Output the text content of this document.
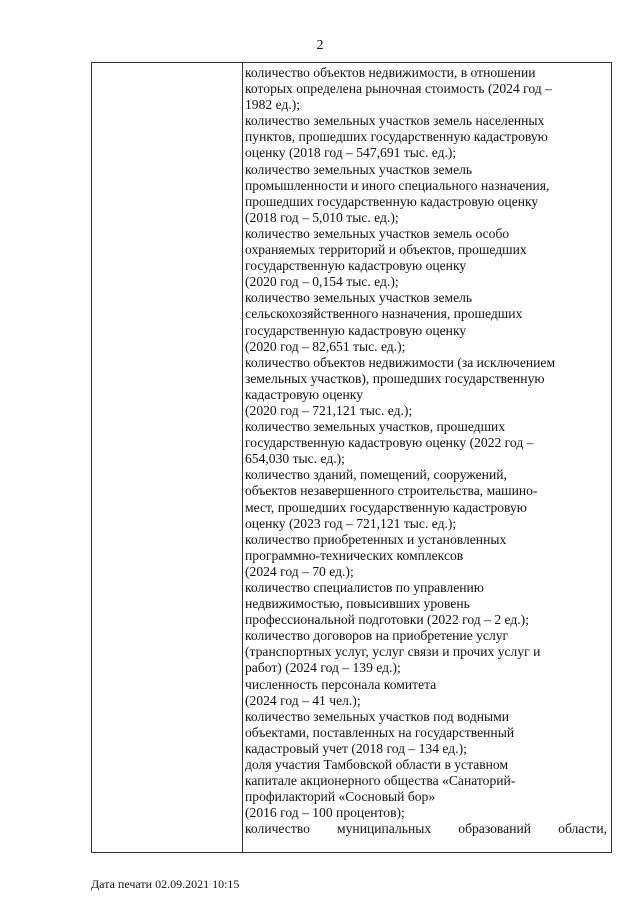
2
количество объектов недвижимости, в отношении
которых определена рыночная стоимость (2024 год –
1982 ед.);
количество земельных участков земель населенных
пунктов, прошедших государственную кадастровую
оценку (2018 год – 547,691 тыс. ед.);
количество земельных участков земель
промышленности и иного специального назначения,
прошедших государственную кадастровую оценку
(2018 год – 5,010 тыс. ед.);
количество земельных участков земель особо
охраняемых территорий и объектов, прошедших
государственную кадастровую оценку
(2020 год – 0,154 тыс. ед.);
количество земельных участков земель
сельскохозяйственного назначения, прошедших
государственную кадастровую оценку
(2020 год – 82,651 тыс. ед.);
количество объектов недвижимости (за исключением
земельных участков), прошедших государственную
кадастровую оценку
(2020 год – 721,121 тыс. ед.);
количество земельных участков, прошедших
государственную кадастровую оценку (2022 год –
654,030 тыс. ед.);
количество зданий, помещений, сооружений,
объектов незавершенного строительства, машино-
мест, прошедших государственную кадастровую
оценку (2023 год – 721,121 тыс. ед.);
количество приобретенных и установленных
программно-технических комплексов
(2024 год – 70 ед.);
количество специалистов по управлению
недвижимостью, повысивших уровень
профессиональной подготовки (2022 год – 2 ед.);
количество договоров на приобретение услуг
(транспортных услуг, услуг связи и прочих услуг и
работ) (2024 год – 139 ед.);
численность персонала комитета
(2024 год – 41 чел.);
количество земельных участков под водными
объектами, поставленных на государственный
кадастровый учет (2018 год – 134 ед.);
доля участия Тамбовской области в уставном
капитале акционерного общества «Санаторий-
профилакторий «Сосновый бор»
(2016 год – 100 процентов);
количество муниципальных образований области,
Дата печати 02.09.2021 10:15
